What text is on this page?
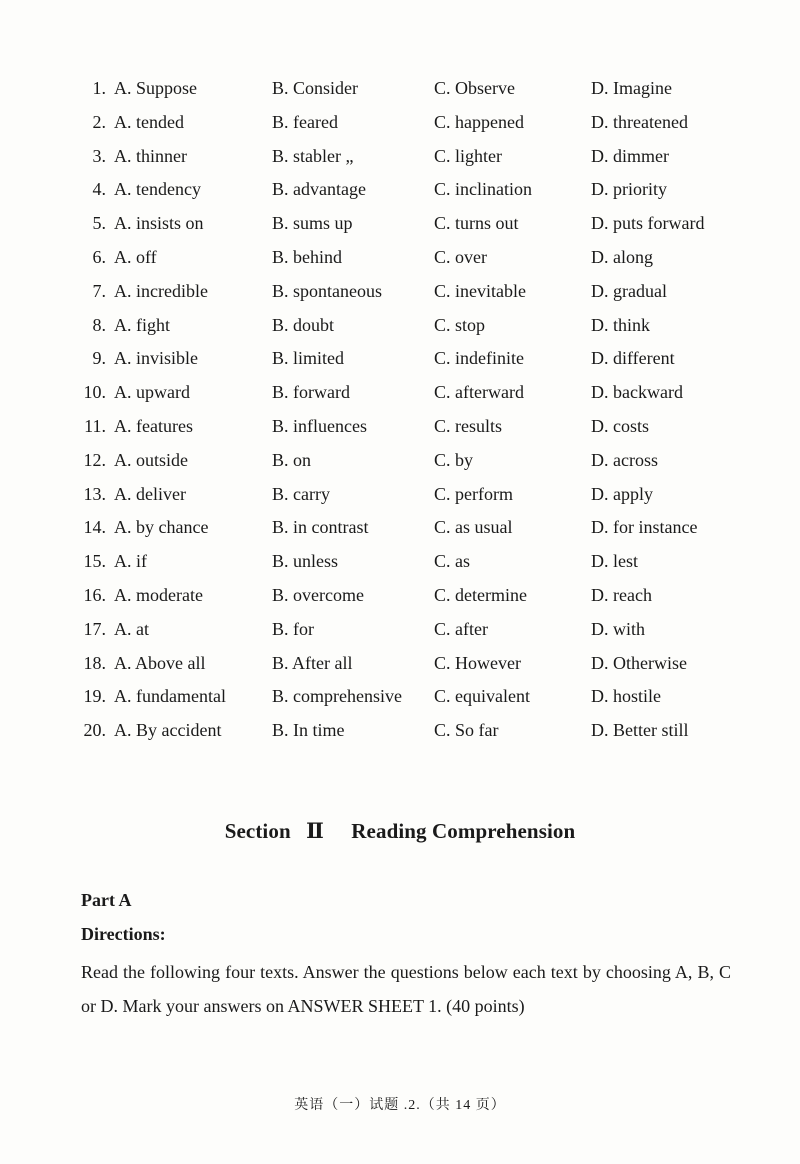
1. A. Suppose	B. Consider	C. Observe	D. Imagine
2. A. tended	B. feared	C. happened	D. threatened
3. A. thinner	B. stabler „	C. lighter	D. dimmer
4. A. tendency	B. advantage	C. inclination	D. priority
5. A. insists on	B. sums up	C. turns out	D. puts forward
6. A. off	B. behind	C. over	D. along
7. A. incredible	B. spontaneous	C. inevitable	D. gradual
8. A. fight	B. doubt	C. stop	D. think
9. A. invisible	B. limited	C. indefinite	D. different
10. A. upward	B. forward	C. afterward	D. backward
11. A. features	B. influences	C. results	D. costs
12. A. outside	B. on	C. by	D. across
13. A. deliver	B. carry	C. perform	D. apply
14. A. by chance	B. in contrast	C. as usual	D. for instance
15. A. if	B. unless	C. as	D. lest
16. A. moderate	B. overcome	C. determine	D. reach
17. A. at	B. for	C. after	D. with
18. A. Above all	B. After all	C. However	D. Otherwise
19. A. fundamental	B. comprehensive C. equivalent	D. hostile
20. A. By accident	B. In time	C. So far	D. Better still
Section Ⅱ Reading Comprehension
Part A
Directions:
Read the following four texts. Answer the questions below each text by choosing A, B, C or D. Mark your answers on ANSWER SHEET 1. (40 points)
英语（一）试题 .2.（共 14 页）
